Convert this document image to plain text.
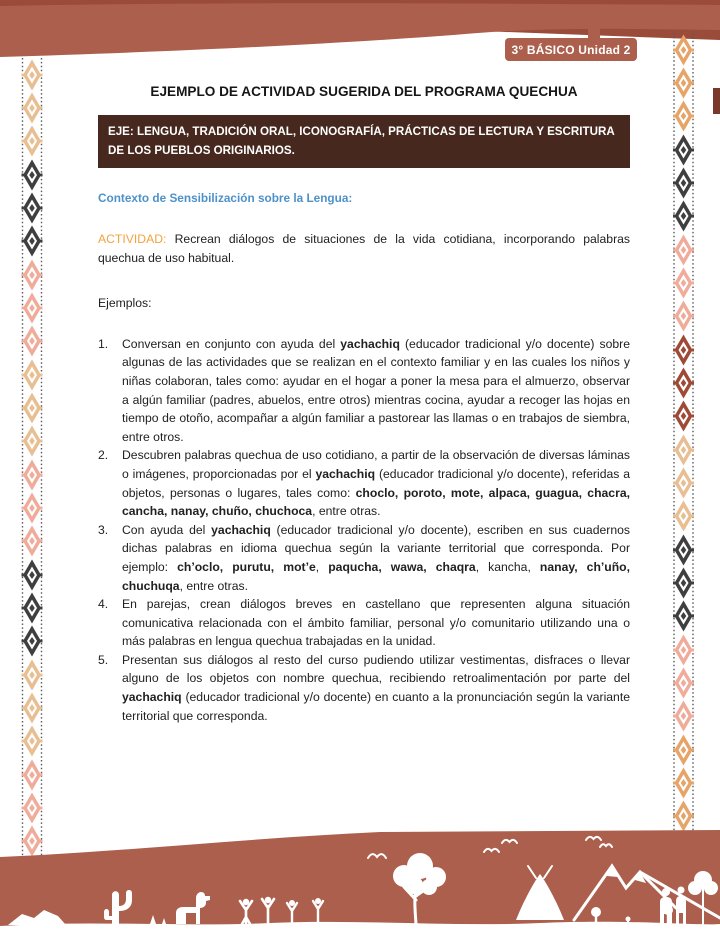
3° BÁSICO Unidad 2
EJEMPLO DE ACTIVIDAD SUGERIDA DEL PROGRAMA QUECHUA
EJE: LENGUA, TRADICIÓN ORAL, ICONOGRAFÍA, PRÁCTICAS DE LECTURA Y ESCRITURA DE LOS PUEBLOS ORIGINARIOS.
Contexto de Sensibilización sobre la Lengua:

ACTIVIDAD: Recrean diálogos de situaciones de la vida cotidiana, incorporando palabras quechua de uso habitual.

Ejemplos:

1.	Conversan en conjunto con ayuda del yachachiq (educador tradicional y/o docente) sobre algunas de las actividades que se realizan en el contexto familiar y en las cuales los niños y niñas colaboran, tales como: ayudar en el hogar a poner la mesa para el almuerzo, observar a algún familiar (padres, abuelos, entre otros) mientras cocina, ayudar a recoger las hojas en tiempo de otoño, acompañar a algún familiar a pastorear las llamas o en trabajos de siembra, entre otros.
2.	Descubren palabras quechua de uso cotidiano, a partir de la observación de diversas láminas o imágenes, proporcionadas por el yachachiq (educador tradicional y/o docente), referidas a objetos, personas o lugares, tales como: choclo, poroto, mote, alpaca, guagua, chacra, cancha, nanay, chuño, chuchoca, entre otras.
3.	Con ayuda del yachachiq (educador tradicional y/o docente), escriben en sus cuadernos dichas palabras en idioma quechua según la variante territorial que corresponda. Por ejemplo: ch’oclo, purutu, mot’e, paqucha, wawa, chaqra, kancha, nanay, ch’uño, chuchuqa, entre otras.
4.	En parejas, crean diálogos breves en castellano que representen alguna situación comunicativa relacionada con el ámbito familiar, personal y/o comunitario utilizando una o más palabras en lengua quechua trabajadas en la unidad.
5.	Presentan sus diálogos al resto del curso pudiendo utilizar vestimentas, disfraces o llevar alguno de los objetos con nombre quechua, recibiendo retroalimentación por parte del yachachiq (educador tradicional y/o docente) en cuanto a la pronunciación según la variante territorial que corresponda.
